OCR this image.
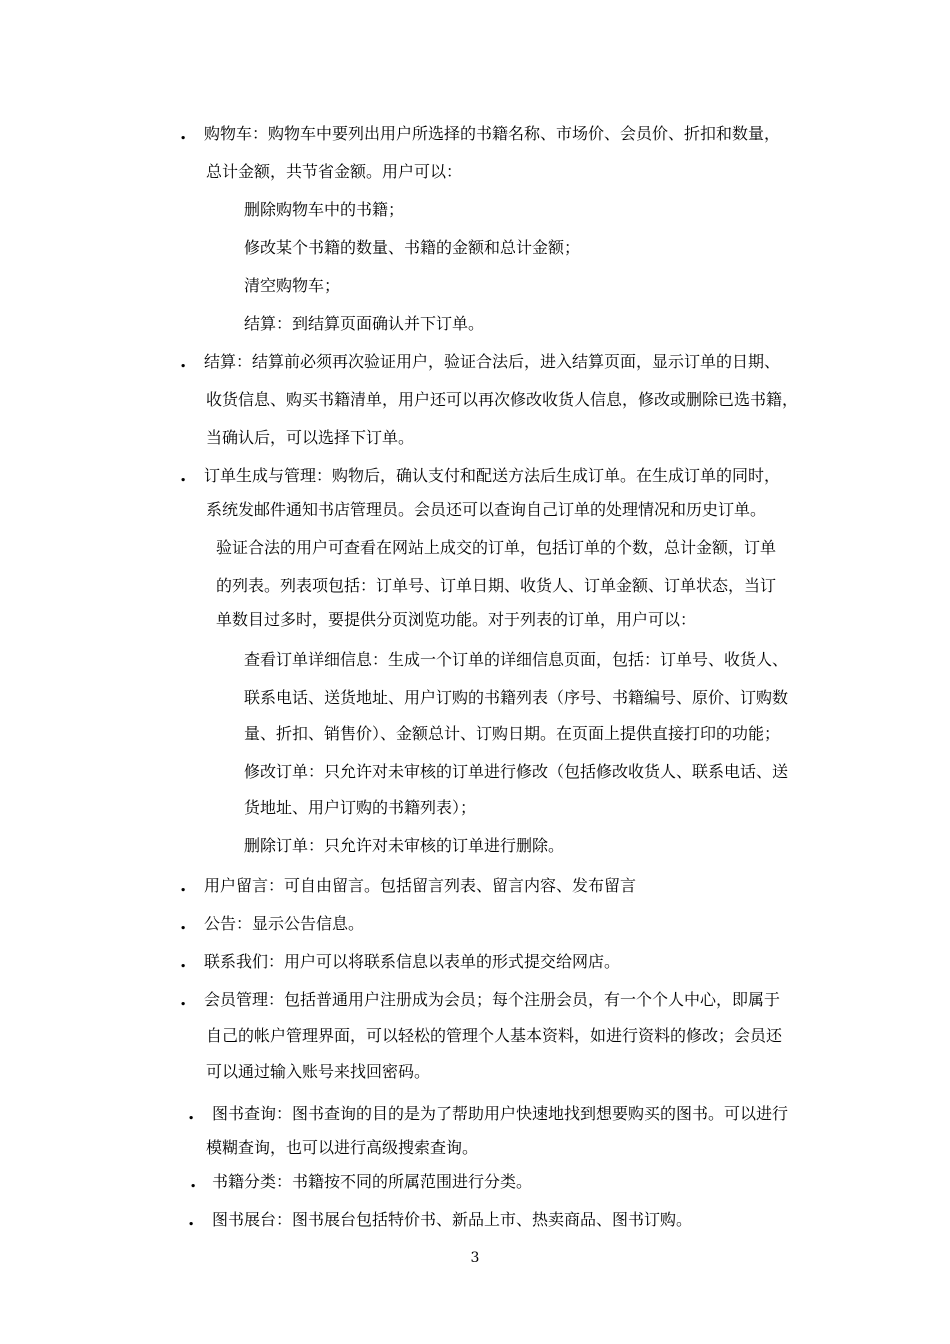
.
.
.
.
.
.
.
.
.
.
购物车：购物车中要列出用户所选择的书籍名称、市场价、会员价、折扣和数量，
总计金额，共节省金额。用户可以：
删除购物车中的书籍；
修改某个书籍的数量、书籍的金额和总计金额；
清空购物车；
结算：到结算页面确认并下订单。
结算：结算前必须再次验证用户，验证合法后，进入结算页面，显示订单的日期、
收货信息、购买书籍清单，用户还可以再次修改收货人信息，修改或删除已选书籍，
当确认后，可以选择下订单。
订单生成与管理：购物后，确认支付和配送方法后生成订单。在生成订单的同时，
系统发邮件通知书店管理员。会员还可以查询自己订单的处理情况和历史订单。
验证合法的用户可查看在网站上成交的订单，包括订单的个数，总计金额，订单
的列表。列表项包括：订单号、订单日期、收货人、订单金额、订单状态，当订
单数目过多时，要提供分页浏览功能。对于列表的订单，用户可以：
查看订单详细信息：生成一个订单的详细信息页面，包括：订单号、收货人、
联系电话、送货地址、用户订购的书籍列表（序号、书籍编号、原价、订购数
量、折扣、销售价）、金额总计、订购日期。在页面上提供直接打印的功能；
修改订单：只允许对未审核的订单进行修改（包括修改收货人、联系电话、送
货地址、用户订购的书籍列表）；
删除订单：只允许对未审核的订单进行删除。
用户留言：可自由留言。包括留言列表、留言内容、发布留言
公告：显示公告信息。
联系我们：用户可以将联系信息以表单的形式提交给网店。
会员管理：包括普通用户注册成为会员；每个注册会员，有一个个人中心，即属于
自己的帐户管理界面，可以轻松的管理个人基本资料，如进行资料的修改；会员还
可以通过输入账号来找回密码。
图书查询：图书查询的目的是为了帮助用户快速地找到想要购买的图书。可以进行
模糊查询，也可以进行高级搜索查询。
书籍分类：书籍按不同的所属范围进行分类。
图书展台：图书展台包括特价书、新品上市、热卖商品、图书订购。
3
